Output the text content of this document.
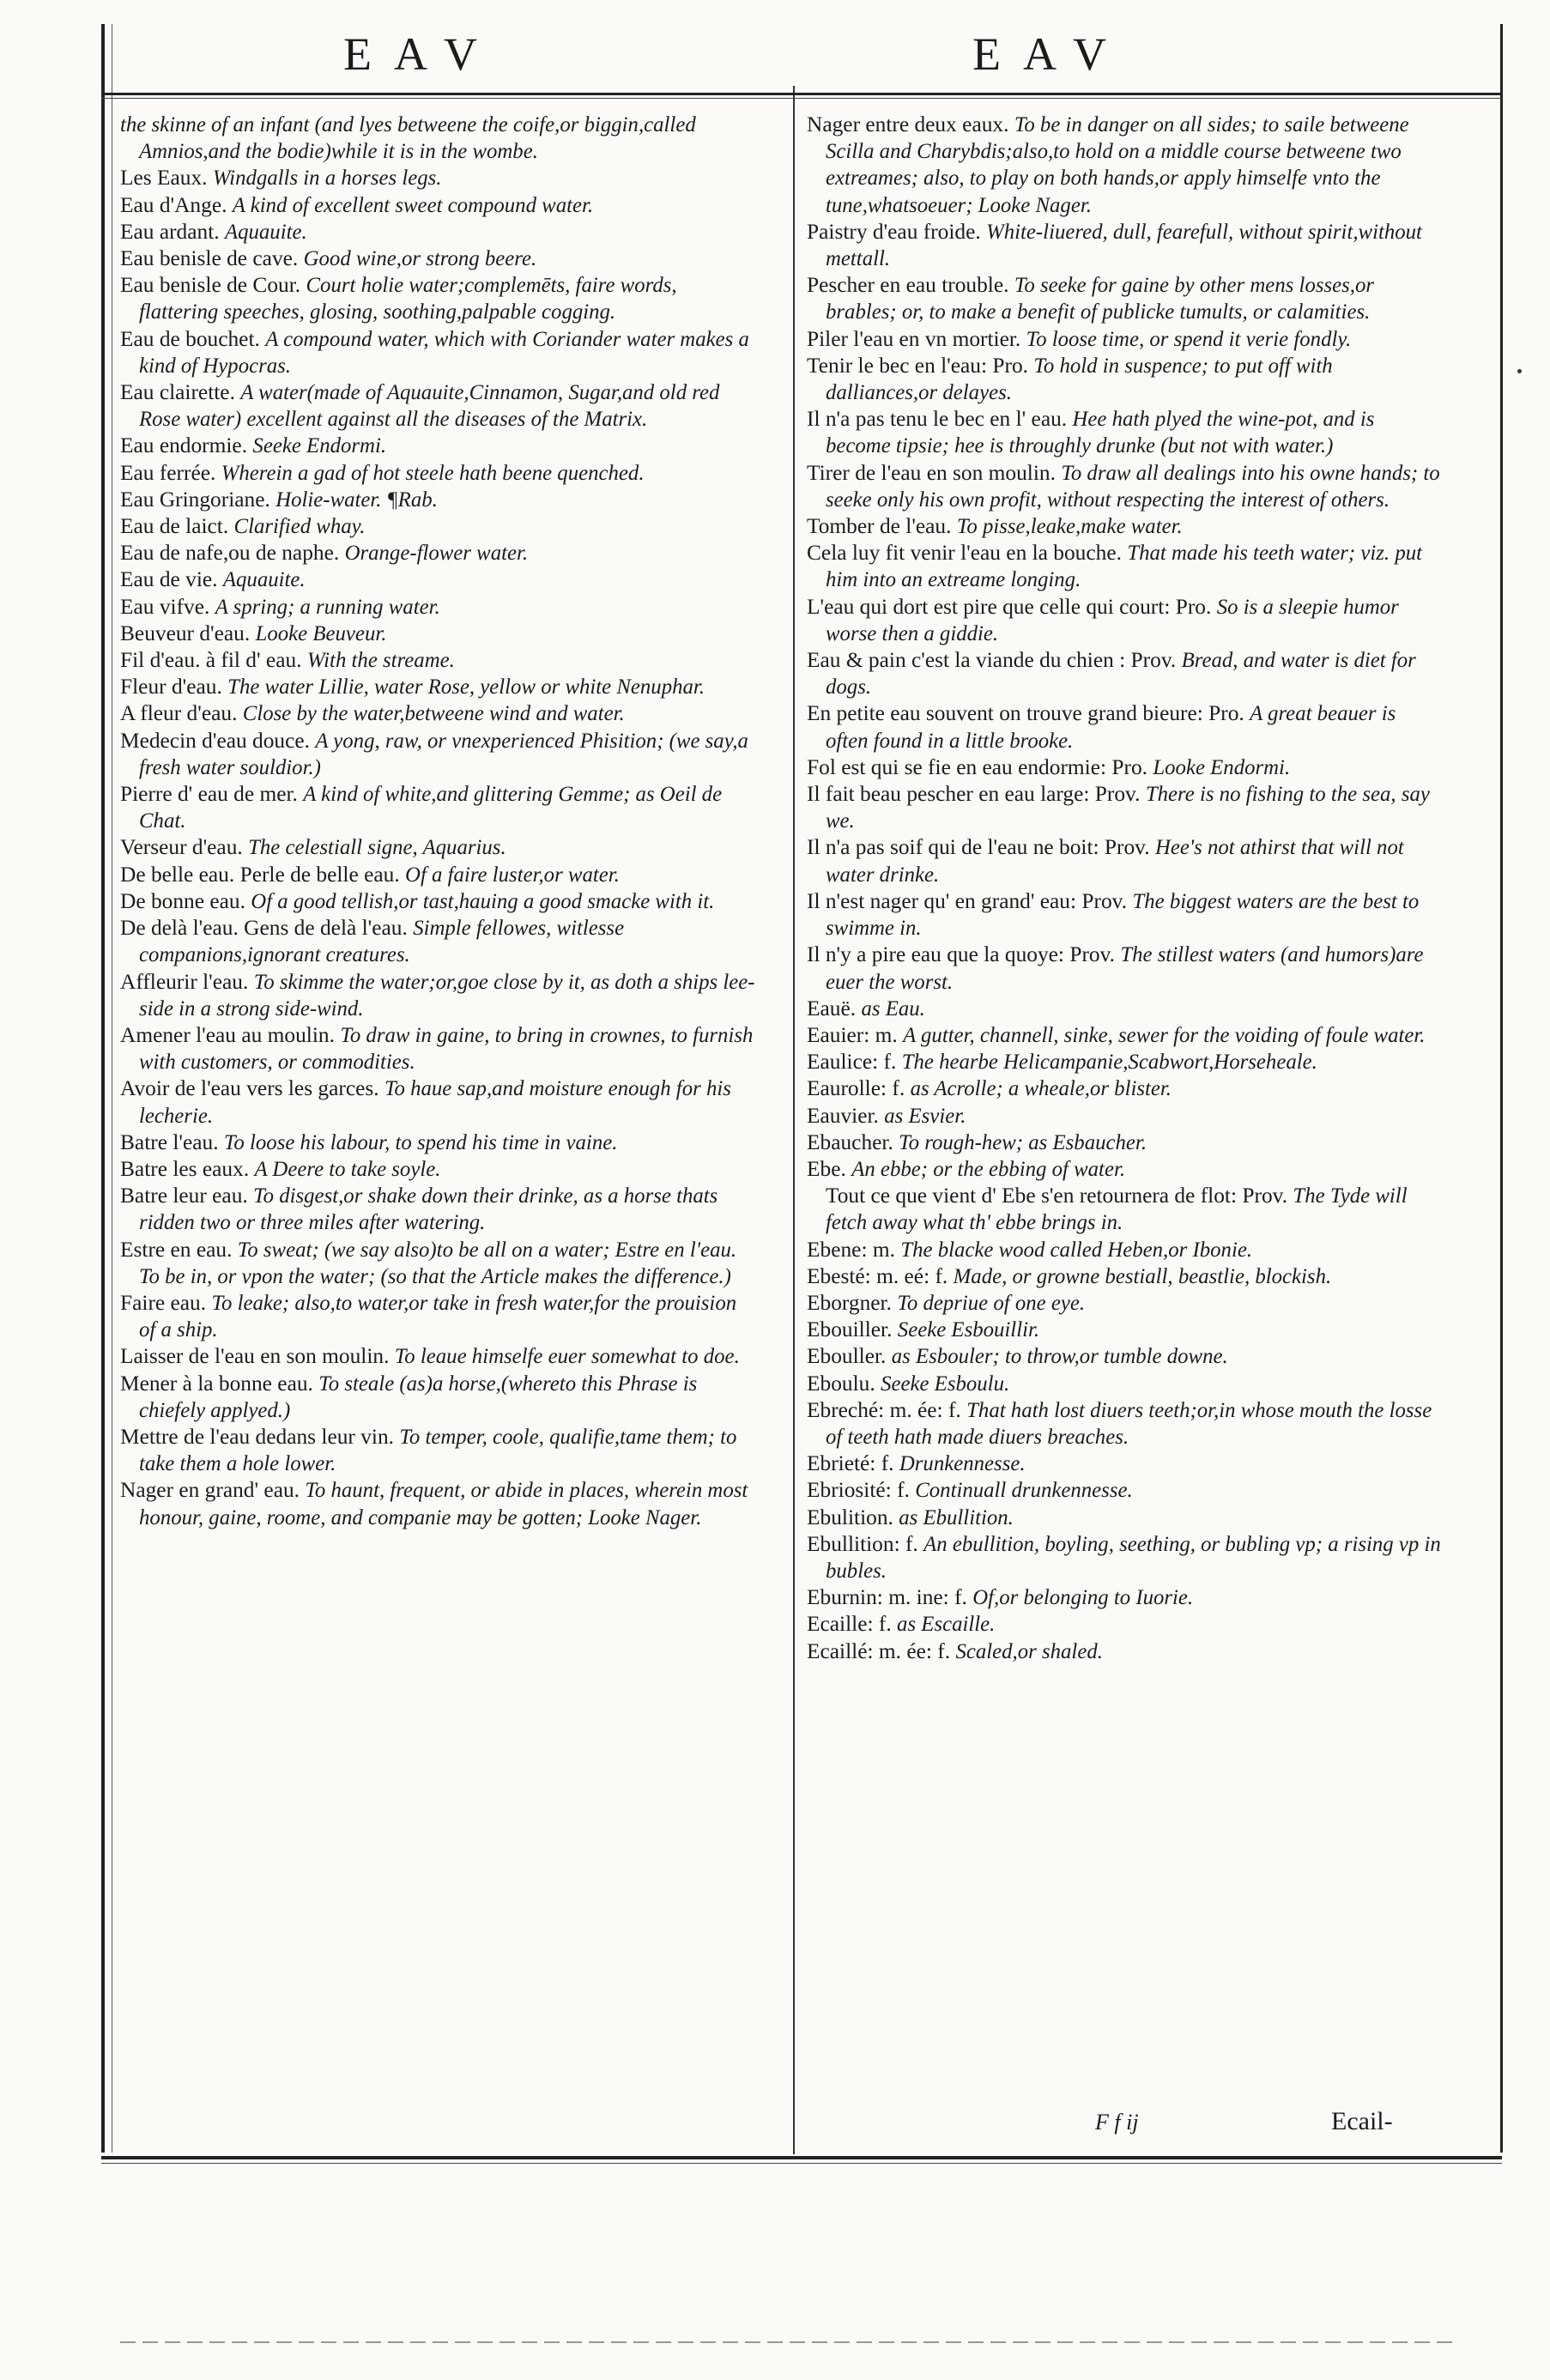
EAV	EAV

the skinne of an infant (and lyes betweene the coife,or biggin,called Amnios,and the bodie)while it is in the wombe.

Les Eaux. Windgalls in a horses legs.

Eau d'Ange. A kind of excellent sweet compound water.

Eau ardant. Aquauite.

Eau benisle de cave. Good wine,or strong beere.

Eau benisle de Cour. Court holie water;complemēts, faire words, flattering speeches, glosing, soothing,palpable cogging.

Eau de bouchet. A compound water, which with Coriander water makes a kind of Hypocras.

Eau clairette. A water(made of Aquauite,Cinnamon, Sugar,and old red Rose water) excellent against all the diseases of the Matrix.

Eau endormie. Seeke Endormi.

Eau ferrée. Wherein a gad of hot steele hath beene quenched.

Eau Gringoriane. Holie-water. ¶Rab.

Eau de laict. Clarified whay.

Eau de nafe,ou de naphe. Orange-flower water.

Eau de vie. Aquauite.

Eau vifve. A spring; a running water.

Beuveur d'eau. Looke Beuveur.

Fil d'eau. à fil d' eau. With the streame.

Fleur d'eau. The water Lillie, water Rose, yellow or white Nenuphar.

A fleur d'eau. Close by the water,betweene wind and water.

Medecin d'eau douce. A yong, raw, or vnexperienced Phisition; (we say,a fresh water souldior.)

Pierre d' eau de mer. A kind of white,and glittering Gemme; as Oeil de Chat.

Verseur d'eau. The celestiall signe, Aquarius.

De belle eau. Perle de belle eau. Of a faire luster,or water.

De bonne eau. Of a good tellish,or tast,hauing a good smacke with it.

De delà l'eau. Gens de delà l'eau. Simple fellowes, witlesse companions,ignorant creatures.

Affleurir l'eau. To skimme the water;or,goe close by it, as doth a ships lee-side in a strong side-wind.

Amener l'eau au moulin. To draw in gaine, to bring in crownes, to furnish with customers, or commodities.

Avoir de l'eau vers les garces. To haue sap,and moisture enough for his lecherie.

Batre l'eau. To loose his labour, to spend his time in vaine.

Batre les eaux. A Deere to take soyle.

Batre leur eau. To disgest,or shake down their drinke, as a horse thats ridden two or three miles after watering.

Estre en eau. To sweat; (we say also)to be all on a water; Estre en l'eau. To be in, or vpon the water; (so that the Article makes the difference.)

Faire eau. To leake; also,to water,or take in fresh water,for the prouision of a ship.

Laisser de l'eau en son moulin. To leaue himselfe euer somewhat to doe.

Mener à la bonne eau. To steale (as)a horse,(whereto this Phrase is chiefely applyed.)

Mettre de l'eau dedans leur vin. To temper, coole, qualifie,tame them; to take them a hole lower.

Nager en grand' eau. To haunt, frequent, or abide in places, wherein most honour, gaine, roome, and companie may be gotten; Looke Nager.

Nager entre deux eaux. To be in danger on all sides; to saile betweene Scilla and Charybdis;also,to hold on a middle course betweene two extreames; also, to play on both hands,or apply himselfe vnto the tune,whatsoeuer; Looke Nager.

Paistry d'eau froide. White-liuered, dull, fearefull, without spirit,without mettall.

Pescher en eau trouble. To seeke for gaine by other mens losses,or brables; or, to make a benefit of publicke tumults, or calamities.

Piler l'eau en vn mortier. To loose time, or spend it verie fondly.

Tenir le bec en l'eau: Pro. To hold in suspence; to put off with dalliances,or delayes.

Il n'a pas tenu le bec en l' eau. Hee hath plyed the wine-pot, and is become tipsie; hee is throughly drunke (but not with water.)

Tirer de l'eau en son moulin. To draw all dealings into his owne hands; to seeke only his own profit, without respecting the interest of others.

Tomber de l'eau. To pisse,leake,make water.

Cela luy fit venir l'eau en la bouche. That made his teeth water; viz. put him into an extreame longing.

L'eau qui dort est pire que celle qui court: Pro. So is a sleepie humor worse then a giddie.

Eau & pain c'est la viande du chien : Prov. Bread, and water is diet for dogs.

En petite eau souvent on trouve grand bieure: Pro. A great beauer is often found in a little brooke.

Fol est qui se fie en eau endormie: Pro. Looke Endormi.

Il fait beau pescher en eau large: Prov. There is no fishing to the sea, say we.

Il n'a pas soif qui de l'eau ne boit: Prov. Hee's not athirst that will not water drinke.

Il n'est nager qu' en grand' eau: Prov. The biggest waters are the best to swimme in.

Il n'y a pire eau que la quoye: Prov. The stillest waters (and humors)are euer the worst.

Eauë. as Eau.

Eauier: m. A gutter, channell, sinke, sewer for the voiding of foule water.

Eaulice: f. The hearbe Helicampanie,Scabwort,Horseheale.

Eaurolle: f. as Acrolle; a wheale,or blister.

Eauvier. as Esvier.

Ebaucher. To rough-hew; as Esbaucher.

Ebe. An ebbe; or the ebbing of water.

Tout ce que vient d' Ebe s'en retournera de flot: Prov. The Tyde will fetch away what th' ebbe brings in.

Ebene: m. The blacke wood called Heben,or Ibonie.

Ebesté: m. eé: f. Made, or growne bestiall, beastlie, blockish.

Eborgner. To depriue of one eye.

Ebouiller. Seeke Esbouillir.

Ebouller. as Esbouler; to throw,or tumble downe.

Eboulu. Seeke Esboulu.

Ebreché: m. ée: f. That hath lost diuers teeth;or,in whose mouth the losse of teeth hath made diuers breaches.

Ebrieté: f. Drunkennesse.

Ebriosité: f. Continuall drunkennesse.

Ebulition. as Ebullition.

Ebullition: f. An ebullition, boyling, seething, or bubling vp; a rising vp in bubles.

Eburnin: m. ine: f. Of,or belonging to Iuorie.

Ecaille: f. as Escaille.

Ecaillé: m. ée: f. Scaled,or shaled.

F f ij	Ecail-
